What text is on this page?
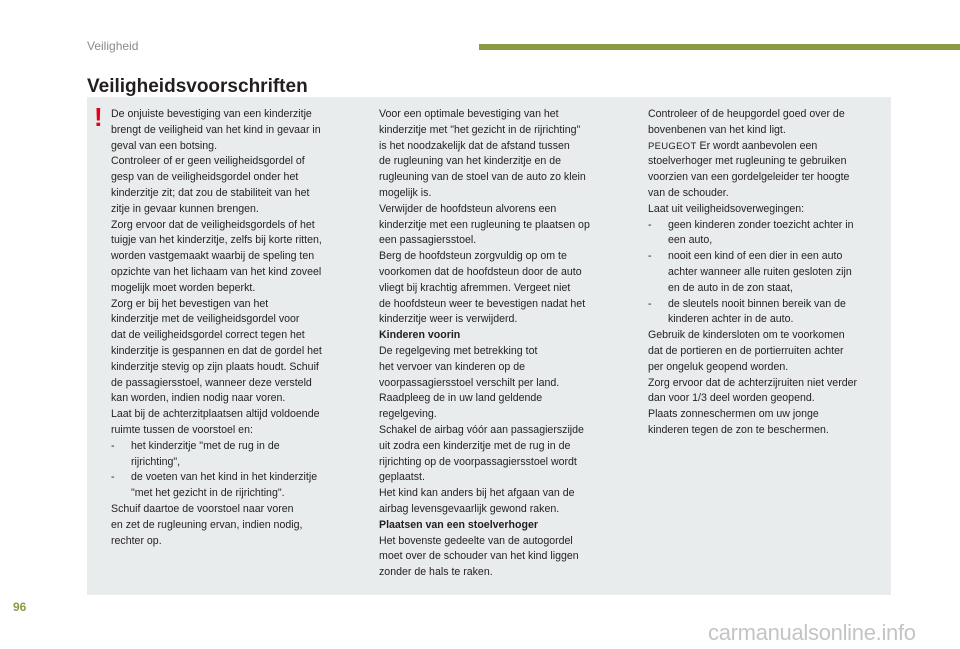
Veiligheid
Veiligheidsvoorschriften
! De onjuiste bevestiging van een kinderzitje
brengt de veiligheid van het kind in gevaar in
geval van een botsing.
Controleer of er geen veiligheidsgordel of
gesp van de veiligheidsgordel onder het
kinderzitje zit; dat zou de stabiliteit van het
zitje in gevaar kunnen brengen.
Zorg ervoor dat de veiligheidsgordels of het
tuigje van het kinderzitje, zelfs bij korte ritten,
worden vastgemaakt waarbij de speling ten
opzichte van het lichaam van het kind zoveel
mogelijk moet worden beperkt.
Zorg er bij het bevestigen van het
kinderzitje met de veiligheidsgordel voor
dat de veiligheidsgordel correct tegen het
kinderzitje is gespannen en dat de gordel het
kinderzitje stevig op zijn plaats houdt. Schuif
de passagiersstoel, wanneer deze versteld
kan worden, indien nodig naar voren.
Laat bij de achterzitplaatsen altijd voldoende
ruimte tussen de voorstoel en:
- het kinderzitje "met de rug in de
rijrichting",
- de voeten van het kind in het kinderzitje
"met het gezicht in de rijrichting".
Schuif daartoe de voorstoel naar voren
en zet de rugleuning ervan, indien nodig,
rechter op.
Voor een optimale bevestiging van het
kinderzitje met "het gezicht in de rijrichting"
is het noodzakelijk dat de afstand tussen
de rugleuning van het kinderzitje en de
rugleuning van de stoel van de auto zo klein
mogelijk is.
Verwijder de hoofdsteun alvorens een
kinderzitje met een rugleuning te plaatsen op
een passagiersstoel.
Berg de hoofdsteun zorgvuldig op om te
voorkomen dat de hoofdsteun door de auto
vliegt bij krachtig afremmen. Vergeet niet
de hoofdsteun weer te bevestigen nadat het
kinderzitje weer is verwijderd.
Kinderen voorin
De regelgeving met betrekking tot
het vervoer van kinderen op de
voorpassagiersstoel verschilt per land.
Raadpleeg de in uw land geldende
regelgeving.
Schakel de airbag vóór aan passagierszijde
uit zodra een kinderzitje met de rug in de
rijrichting op de voorpassagiersstoel wordt
geplaatst.
Het kind kan anders bij het afgaan van de
airbag levensgevaarlijk gewond raken.
Plaatsen van een stoelverhoger
Het bovenste gedeelte van de autogordel
moet over de schouder van het kind liggen
zonder de hals te raken.
Controleer of de heupgordel goed over de
bovenbenen van het kind ligt.
PEUGEOT Er wordt aanbevolen een
stoelverhoger met rugleuning te gebruiken
voorzien van een gordelgeleider ter hoogte
van de schouder.
Laat uit veiligheidsoverwegingen:
- geen kinderen zonder toezicht achter in
een auto,
- nooit een kind of een dier in een auto
achter wanneer alle ruiten gesloten zijn
en de auto in de zon staat,
- de sleutels nooit binnen bereik van de
kinderen achter in de auto.
Gebruik de kindersloten om te voorkomen
dat de portieren en de portierruiten achter
per ongeluk geopend worden.
Zorg ervoor dat de achterzijruiten niet verder
dan voor 1/3 deel worden geopend.
Plaats zonneschermen om uw jonge
kinderen tegen de zon te beschermen.
96
carmanualsonline.info
